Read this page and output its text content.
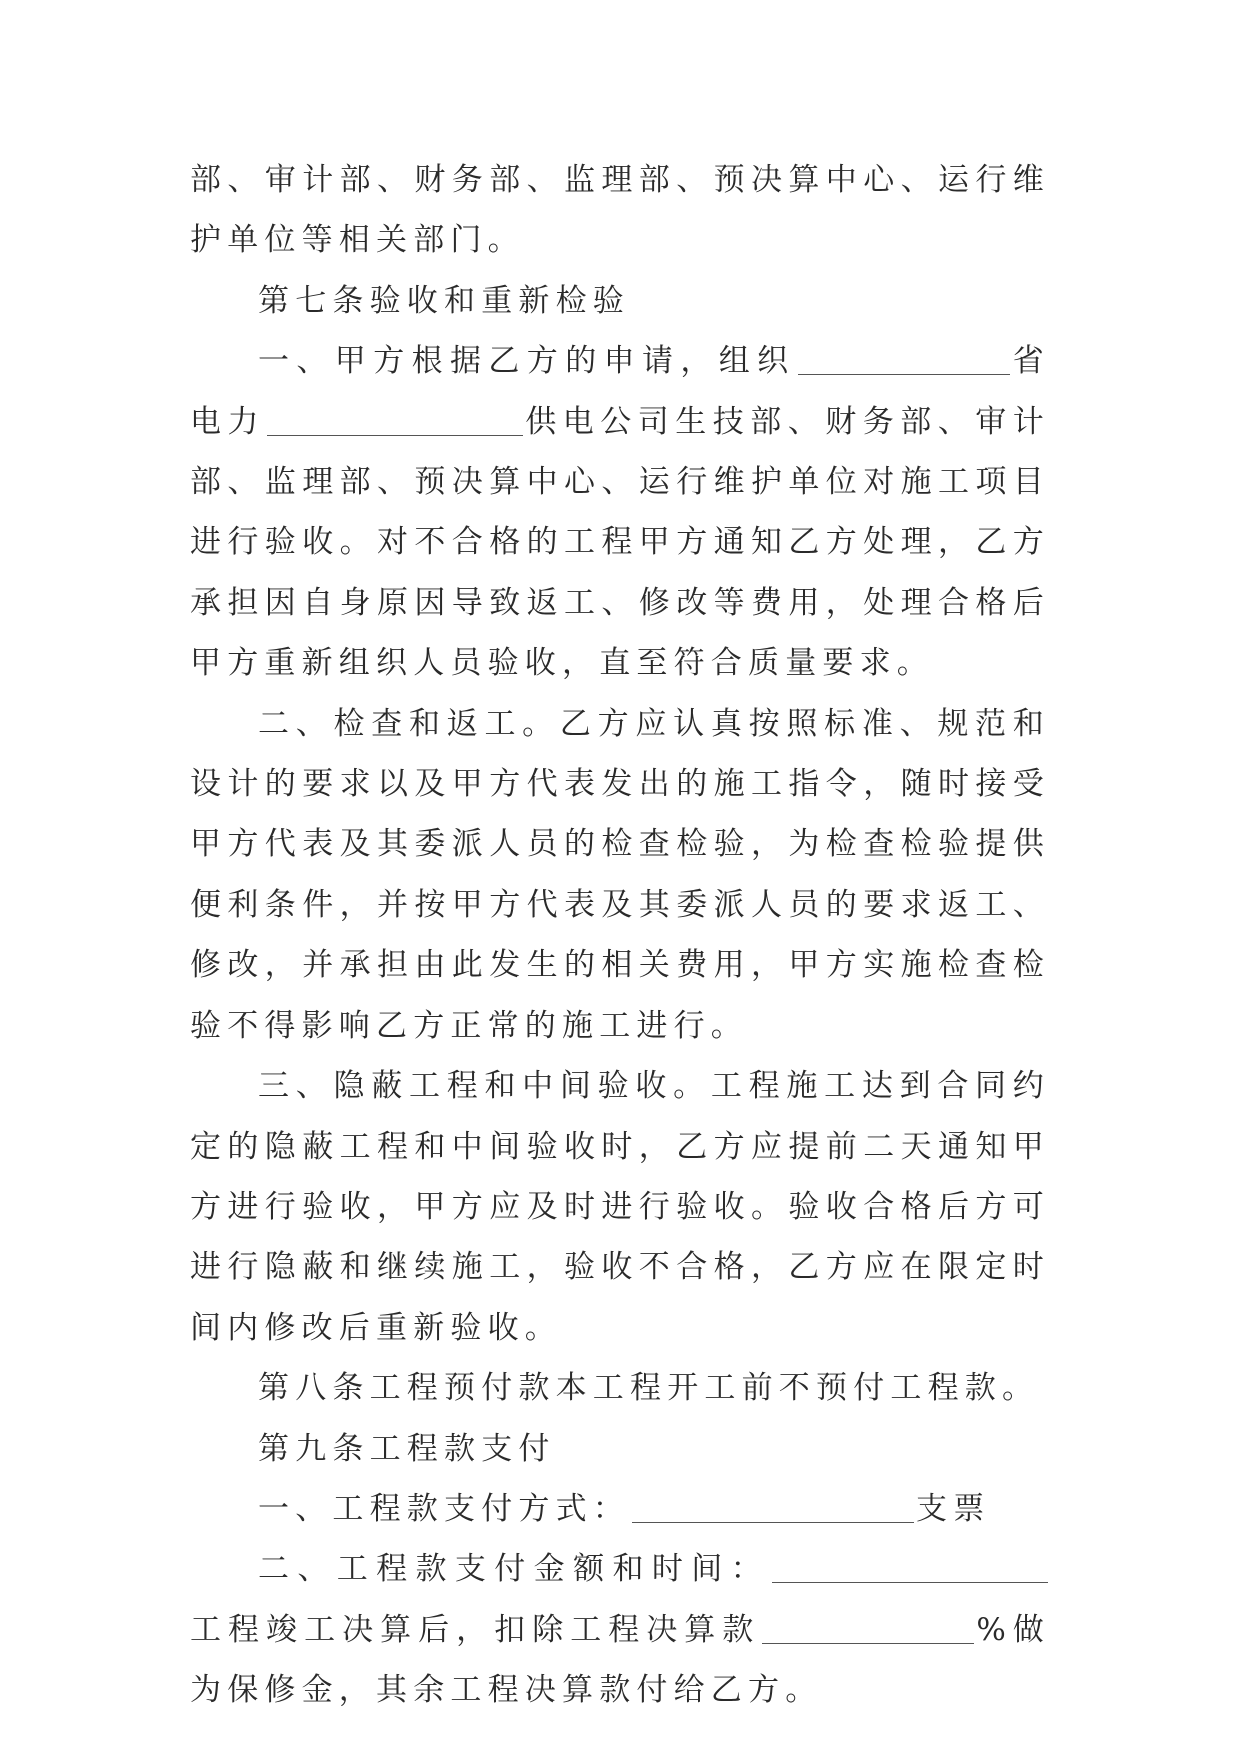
部、审计部、财务部、监理部、预决算中心、运行维护单位等相关部门。

第七条验收和重新检验

一、甲方根据乙方的申请，组织	省电力	供电公司生技部、财务部、审计部、监理部、预决算中心、运行维护单位对施工项目进行验收。对不合格的工程甲方通知乙方处理，乙方承担因自身原因导致返工、修改等费用，处理合格后甲方重新组织人员验收，直至符合质量要求。

二、检查和返工。乙方应认真按照标准、规范和设计的要求以及甲方代表发出的施工指令，随时接受甲方代表及其委派人员的检查检验，为检查检验提供便利条件，并按甲方代表及其委派人员的要求返工、修改，并承担由此发生的相关费用，甲方实施检查检验不得影响乙方正常的施工进行。

三、隐蔽工程和中间验收。工程施工达到合同约定的隐蔽工程和中间验收时，乙方应提前二天通知甲方进行验收，甲方应及时进行验收。验收合格后方可进行隐蔽和继续施工，验收不合格，乙方应在限定时间内修改后重新验收。

第八条工程预付款本工程开工前不预付工程款。

第九条工程款支付

一、工程款支付方式：	支票

二、工程款支付金额和时间：工程竣工决算后，扣除工程决算款	%做为保修金，其余工程决算款付给乙方。
